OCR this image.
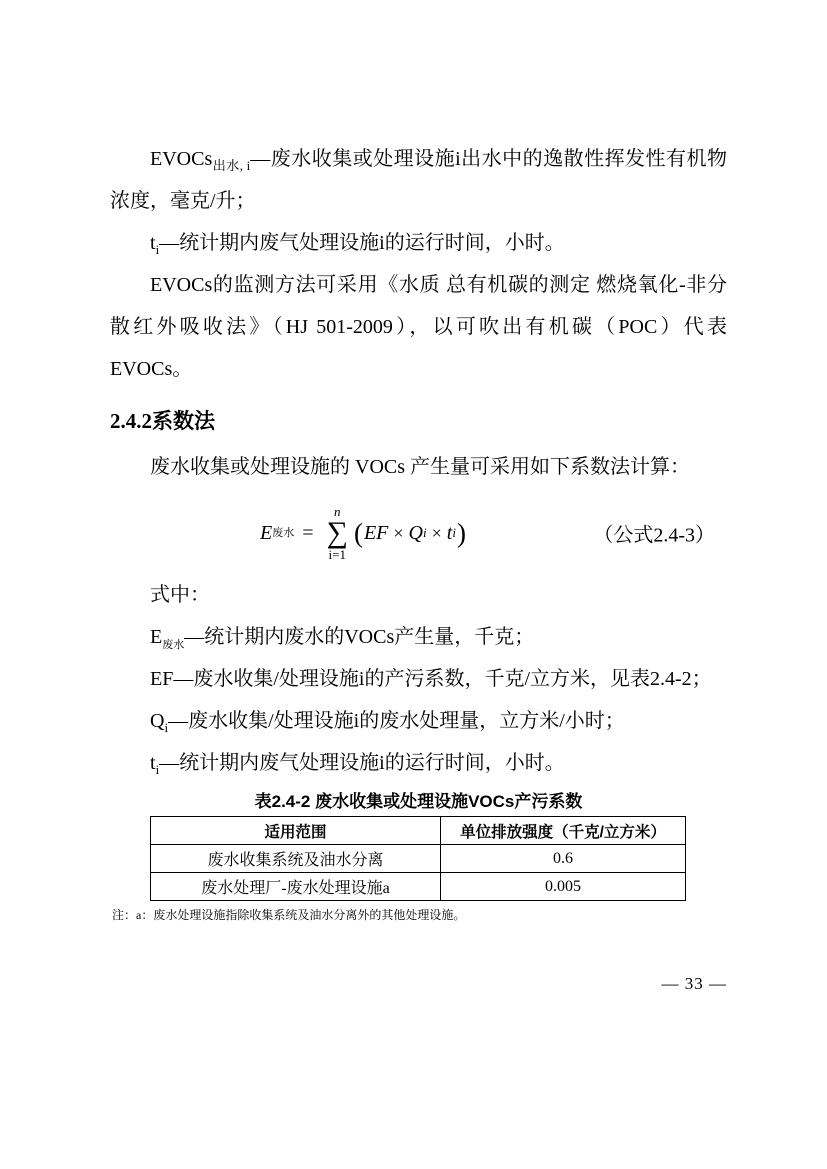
EVOCs$_{出水, i}$—废水收集或处理设施i出水中的逸散性挥发性有机物浓度，毫克/升；

$t_i—$统计期内废气处理设施i的运行时间，小时。

EVOCs的监测方法可采用《水质 总有机碳的测定 燃烧氧化-非分散红外吸收法》（HJ 501-2009），以可吹出有机碳（POC）代表EVOCs。

2.4.2系数法

废水收集或处理设施的 VOCs 产生量可采用如下系数法计算：

E 废水 =
n
∑
i=1
( EF × Q i × t i )	（公式2.4-3）

式中：

$E_{废水}—$统计期内废水的VOCs产生量，千克；

EF—废水收集/处理设施i的产污系数，千克/立方米，见表2.4-2；

$Q_i—$废水收集/处理设施i的废水处理量，立方米/小时；

$t_i—$统计期内废气处理设施i的运行时间，小时。

表2.4-2 废水收集或处理设施VOCs产污系数
适用范围	单位排放强度（千克/立方米）
废水收集系统及油水分离	0.6
废水处理厂-废水处理设施a	0.005
注：a：废水处理设施指除收集系统及油水分离外的其他处理设施。
— 33 —
